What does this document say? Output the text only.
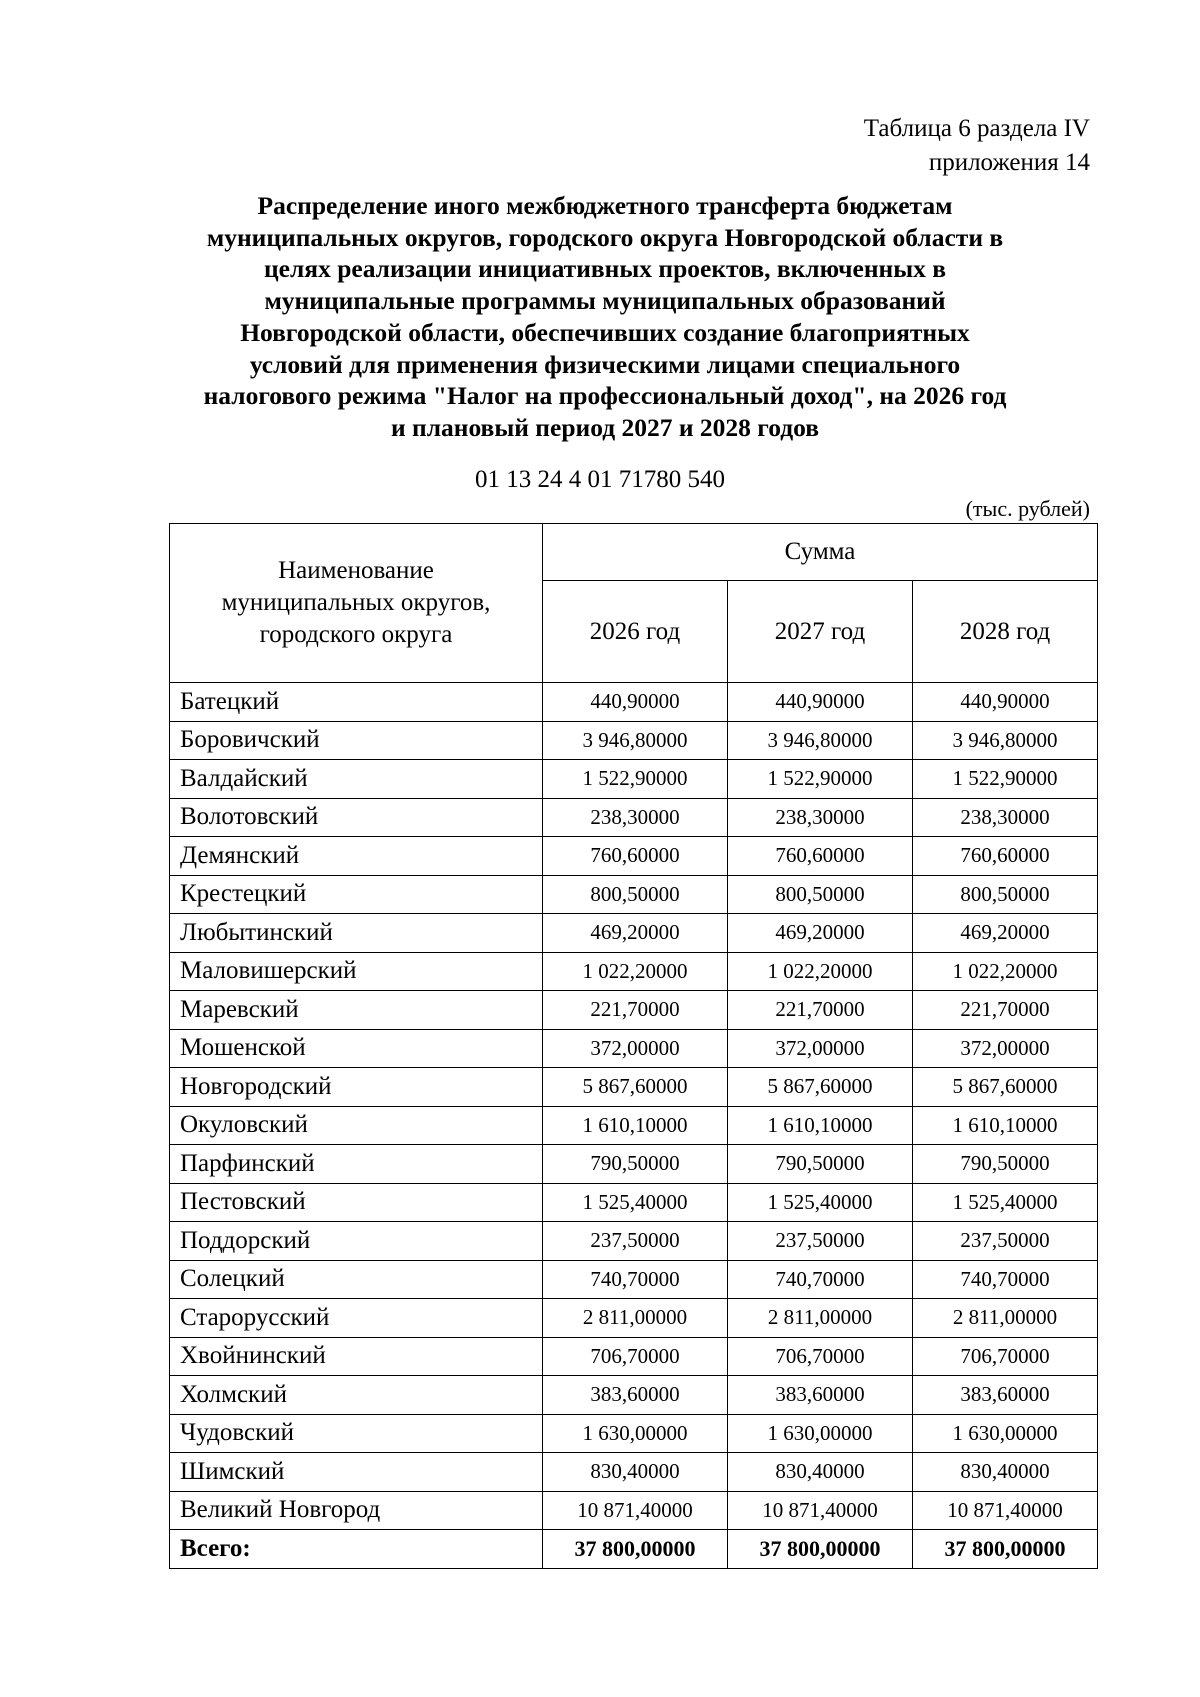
Таблица 6 раздела IV
приложения 14
Распределение иного межбюджетного трансферта бюджетам
муниципальных округов, городского округа Новгородской области в
целях реализации инициативных проектов, включенных в
муниципальные программы муниципальных образований
Новгородской области, обеспечивших создание благоприятных
условий для применения физическими лицами специального
налогового режима "Налог на профессиональный доход", на 2026 год
и плановый период 2027 и 2028 годов
01 13 24 4 01 71780 540
(тыс. рублей)
Наименование
муниципальных округов,
городского округа	Сумма		
	2026 год	2027 год	2028 год
Батецкий	440,90000	440,90000	440,90000
Боровичский	3 946,80000	3 946,80000	3 946,80000
Валдайский	1 522,90000	1 522,90000	1 522,90000
Волотовский	238,30000	238,30000	238,30000
Демянский	760,60000	760,60000	760,60000
Крестецкий	800,50000	800,50000	800,50000
Любытинский	469,20000	469,20000	469,20000
Маловишерский	1 022,20000	1 022,20000	1 022,20000
Маревский	221,70000	221,70000	221,70000
Мошенской	372,00000	372,00000	372,00000
Новгородский	5 867,60000	5 867,60000	5 867,60000
Окуловский	1 610,10000	1 610,10000	1 610,10000
Парфинский	790,50000	790,50000	790,50000
Пестовский	1 525,40000	1 525,40000	1 525,40000
Поддорский	237,50000	237,50000	237,50000
Солецкий	740,70000	740,70000	740,70000
Старорусский	2 811,00000	2 811,00000	2 811,00000
Хвойнинский	706,70000	706,70000	706,70000
Холмский	383,60000	383,60000	383,60000
Чудовский	1 630,00000	1 630,00000	1 630,00000
Шимский	830,40000	830,40000	830,40000
Великий Новгород	10 871,40000	10 871,40000	10 871,40000
Всего:	37 800,00000	37 800,00000	37 800,00000
